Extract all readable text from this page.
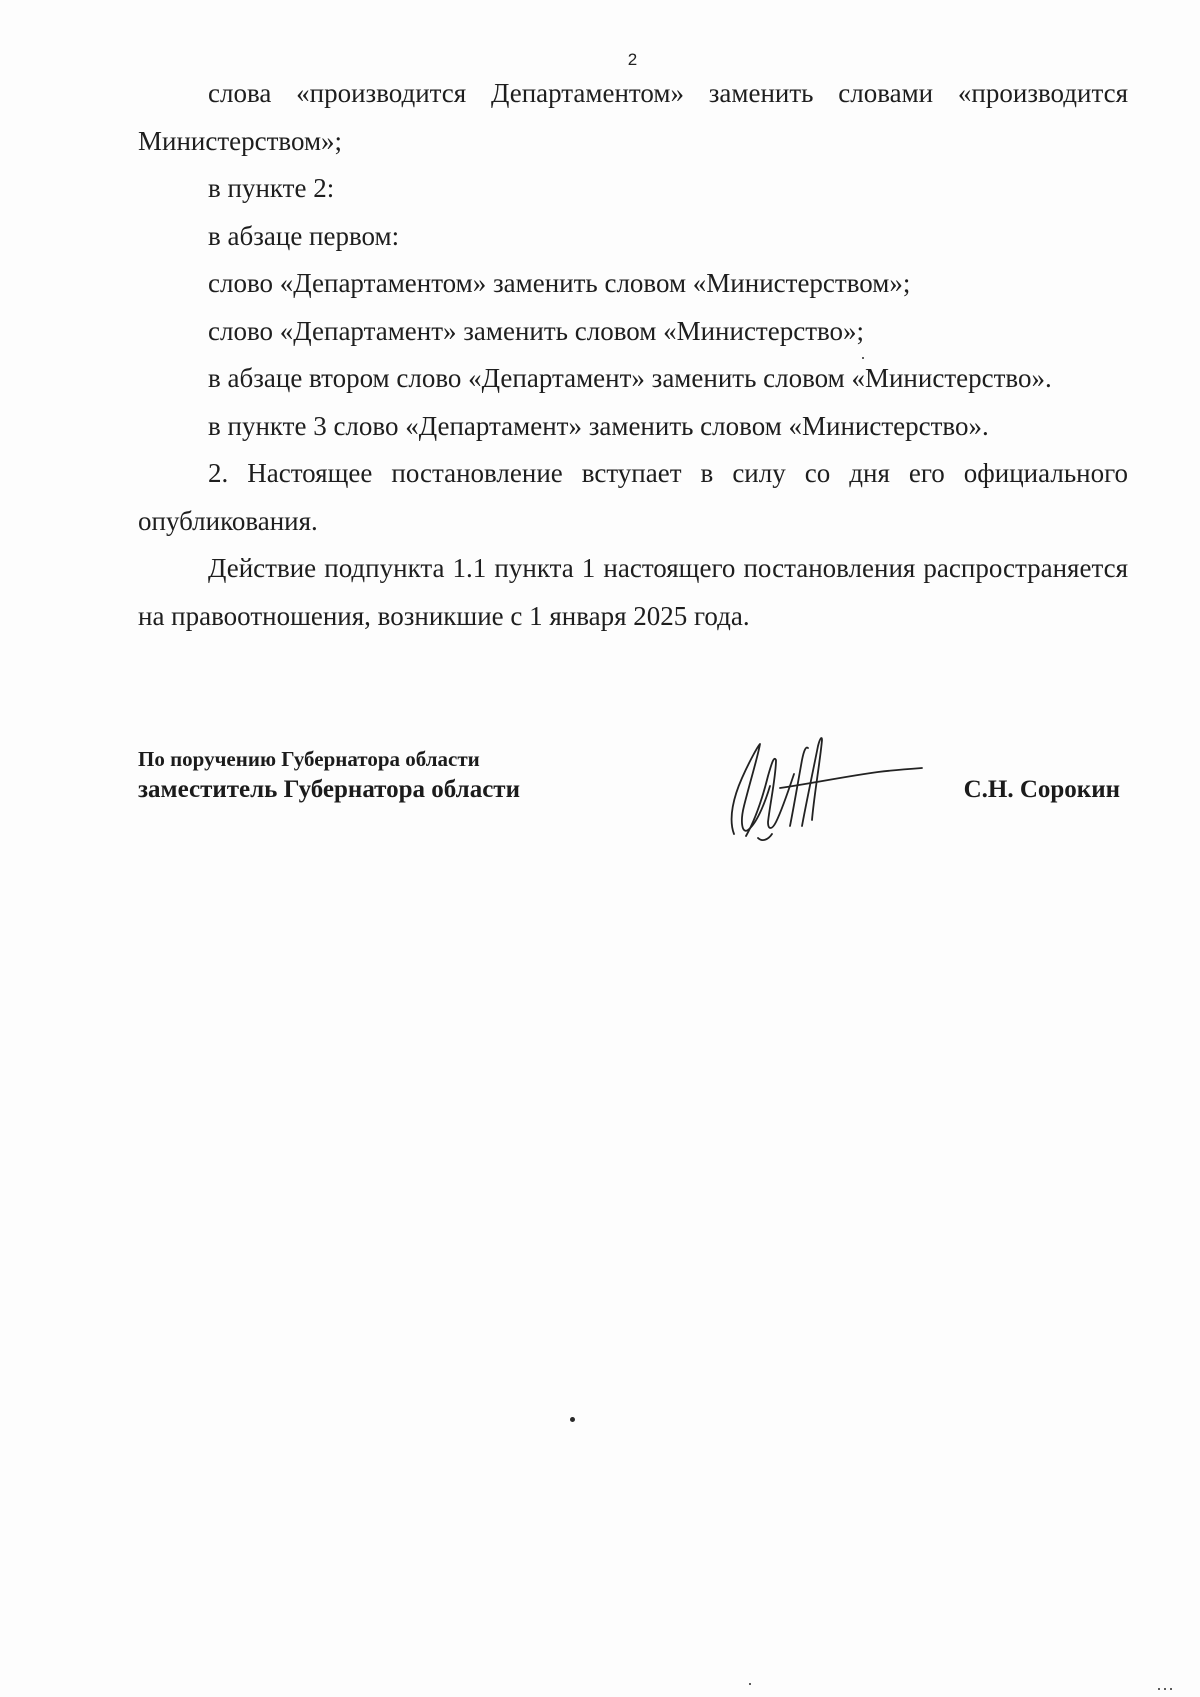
2

слова «производится Департаментом» заменить словами «производится Министерством»;

в пункте 2:

в абзаце первом:

слово «Департаментом» заменить словом «Министерством»;

слово «Департамент» заменить словом «Министерство»;

в абзаце втором слово «Департамент» заменить словом «Министерство».

в пункте 3 слово «Департамент» заменить словом «Министерство».

2. Настоящее постановление вступает в силу со дня его официального опубликования.

Действие подпункта 1.1 пункта 1 настоящего постановления распространяется на правоотношения, возникшие с 1 января 2025 года.

По поручению Губернатора области
заместитель Губернатора области	С.Н. Сорокин
